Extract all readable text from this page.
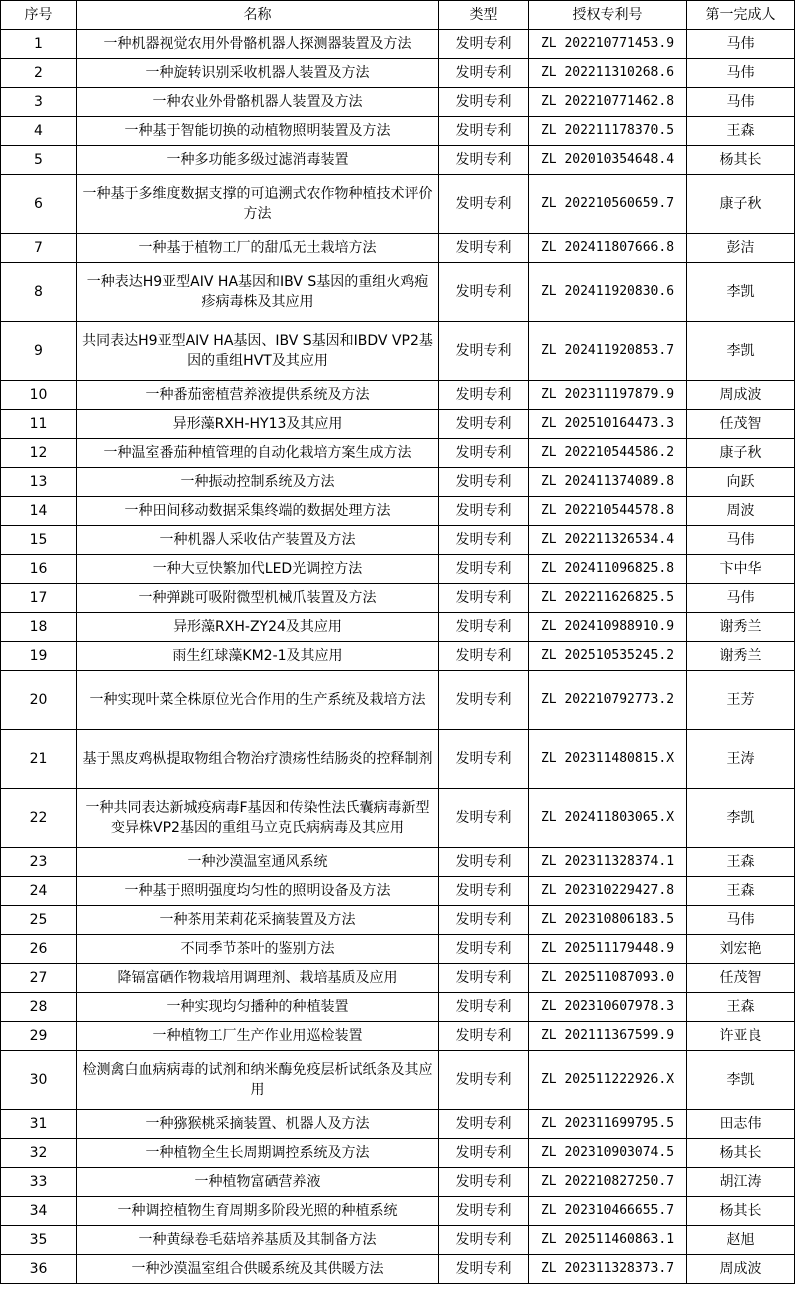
序号	名称	类型	授权专利号	第一完成人
1	一种机器视觉农用外骨骼机器人探测器装置及方法	发明专利	ZL 202210771453.9	马伟
2	一种旋转识别采收机器人装置及方法	发明专利	ZL 202211310268.6	马伟
3	一种农业外骨骼机器人装置及方法	发明专利	ZL 202210771462.8	马伟
4	一种基于智能切换的动植物照明装置及方法	发明专利	ZL 202211178370.5	王森
5	一种多功能多级过滤消毒装置	发明专利	ZL 202010354648.4	杨其长
6	一种基于多维度数据支撑的可追溯式农作物种植技术评价方法	发明专利	ZL 202210560659.7	康子秋
7	一种基于植物工厂的甜瓜无土栽培方法	发明专利	ZL 202411807666.8	彭洁
8	一种表达H9亚型AIV HA基因和IBV S基因的重组火鸡疱疹病毒株及其应用	发明专利	ZL 202411920830.6	李凯
9	共同表达H9亚型AIV HA基因、IBV S基因和IBDV VP2基因的重组HVT及其应用	发明专利	ZL 202411920853.7	李凯
10	一种番茄密植营养液提供系统及方法	发明专利	ZL 202311197879.9	周成波
11	异形藻RXH-HY13及其应用	发明专利	ZL 202510164473.3	任茂智
12	一种温室番茄种植管理的自动化栽培方案生成方法	发明专利	ZL 202210544586.2	康子秋
13	一种振动控制系统及方法	发明专利	ZL 202411374089.8	向跃
14	一种田间移动数据采集终端的数据处理方法	发明专利	ZL 202210544578.8	周波
15	一种机器人采收估产装置及方法	发明专利	ZL 202211326534.4	马伟
16	一种大豆快繁加代LED光调控方法	发明专利	ZL 202411096825.8	卞中华
17	一种弹跳可吸附微型机械爪装置及方法	发明专利	ZL 202211626825.5	马伟
18	异形藻RXH-ZY24及其应用	发明专利	ZL 202410988910.9	谢秀兰
19	雨生红球藻KM2-1及其应用	发明专利	ZL 202510535245.2	谢秀兰
20	一种实现叶菜全株原位光合作用的生产系统及栽培方法	发明专利	ZL 202210792773.2	王芳
21	基于黑皮鸡枞提取物组合物治疗溃疡性结肠炎的控释制剂	发明专利	ZL 202311480815.X	王涛
22	一种共同表达新城疫病毒F基因和传染性法氏囊病毒新型变异株VP2基因的重组马立克氏病病毒及其应用	发明专利	ZL 202411803065.X	李凯
23	一种沙漠温室通风系统	发明专利	ZL 202311328374.1	王森
24	一种基于照明强度均匀性的照明设备及方法	发明专利	ZL 202310229427.8	王森
25	一种茶用茉莉花采摘装置及方法	发明专利	ZL 202310806183.5	马伟
26	不同季节茶叶的鉴别方法	发明专利	ZL 202511179448.9	刘宏艳
27	降镉富硒作物栽培用调理剂、栽培基质及应用	发明专利	ZL 202511087093.0	任茂智
28	一种实现均匀播种的种植装置	发明专利	ZL 202310607978.3	王森
29	一种植物工厂生产作业用巡检装置	发明专利	ZL 202111367599.9	许亚良
30	检测禽白血病病毒的试剂和纳米酶免疫层析试纸条及其应用	发明专利	ZL 202511222926.X	李凯
31	一种猕猴桃采摘装置、机器人及方法	发明专利	ZL 202311699795.5	田志伟
32	一种植物全生长周期调控系统及方法	发明专利	ZL 202310903074.5	杨其长
33	一种植物富硒营养液	发明专利	ZL 202210827250.7	胡江涛
34	一种调控植物生育周期多阶段光照的种植系统	发明专利	ZL 202310466655.7	杨其长
35	一种黄绿卷毛菇培养基质及其制备方法	发明专利	ZL 202511460863.1	赵旭
36	一种沙漠温室组合供暖系统及其供暖方法	发明专利	ZL 202311328373.7	周成波
